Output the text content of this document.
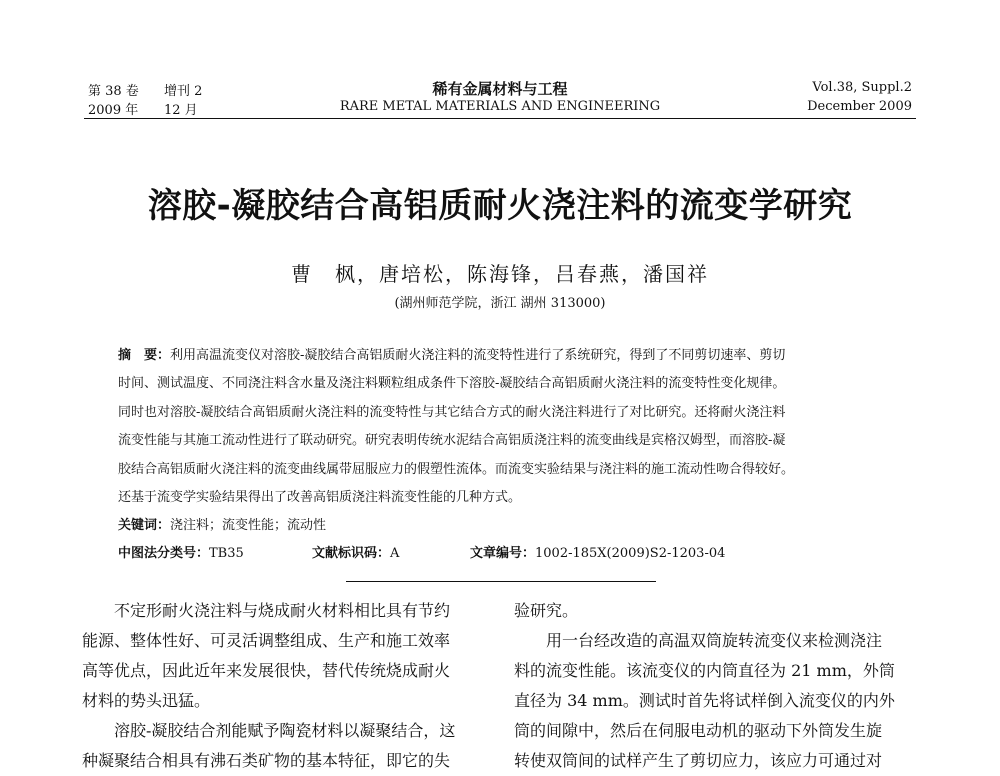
第 38 卷 增刊 2
2009 年 12 月
稀有金属材料与工程
RARE METAL MATERIALS AND ENGINEERING
Vol.38, Suppl.2
December 2009
溶胶-凝胶结合高铝质耐火浇注料的流变学研究
曹　枫，唐培松，陈海锋，吕春燕，潘国祥
(湖州师范学院，浙江 湖州 313000)
摘　要：利用高温流变仪对溶胶-凝胶结合高铝质耐火浇注料的流变特性进行了系统研究，得到了不同剪切速率、剪切
时间、测试温度、不同浇注料含水量及浇注料颗粒组成条件下溶胶-凝胶结合高铝质耐火浇注料的流变特性变化规律。
同时也对溶胶-凝胶结合高铝质耐火浇注料的流变特性与其它结合方式的耐火浇注料进行了对比研究。还将耐火浇注料
流变性能与其施工流动性进行了联动研究。研究表明传统水泥结合高铝质浇注料的流变曲线是宾格汉姆型，而溶胶-凝
胶结合高铝质耐火浇注料的流变曲线属带屈服应力的假塑性流体。而流变实验结果与浇注料的施工流动性吻合得较好。
还基于流变学实验结果得出了改善高铝质浇注料流变性能的几种方式。
关键词：浇注料；流变性能；流动性
中图法分类号：TB35	文献标识码：A	文章编号：1002-185X(2009)S2-1203-04

　　不定形耐火浇注料与烧成耐火材料相比具有节约

能源、整体性好、可灵活调整组成、生产和施工效率

高等优点，因此近年来发展很快，替代传统烧成耐火

材料的势头迅猛。

　　溶胶-凝胶结合剂能赋予陶瓷材料以凝聚结合，这

种凝聚结合相具有沸石类矿物的基本特征，即它的失

验研究。

　　用一台经改造的高温双筒旋转流变仪来检测浇注

料的流变性能。该流变仪的内筒直径为 21 mm，外筒

直径为 34 mm。测试时首先将试样倒入流变仪的内外

筒的间隙中，然后在伺服电动机的驱动下外筒发生旋

转使双筒间的试样产生了剪切应力，该应力可通过对
